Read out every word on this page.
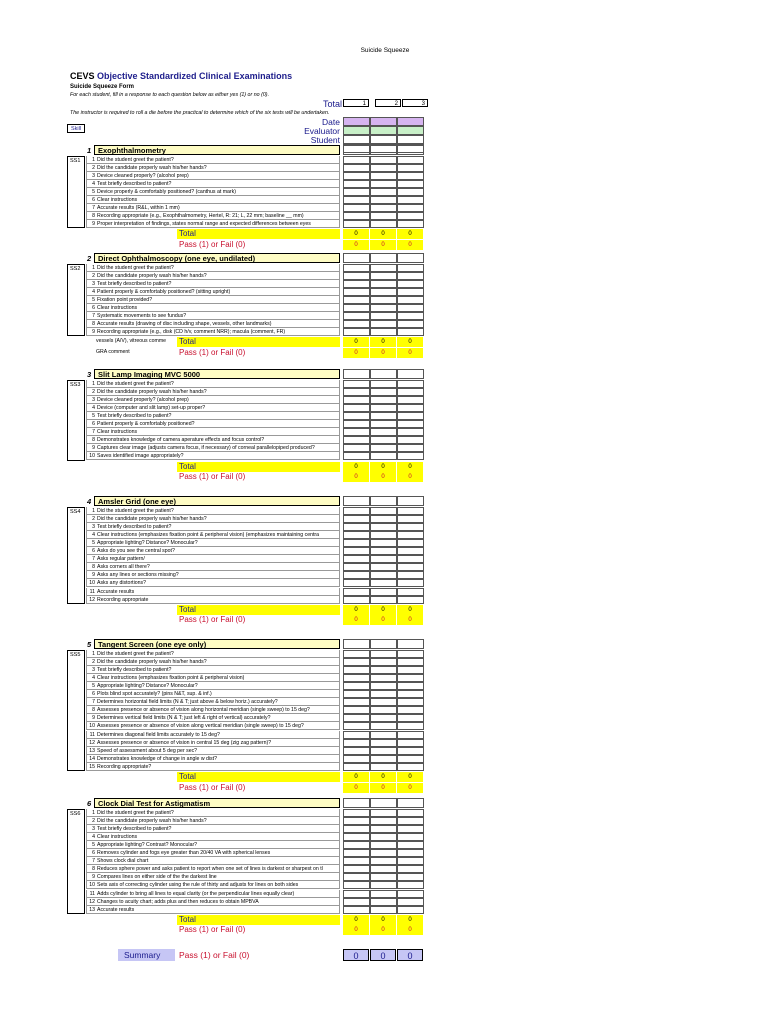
Suicide Squeeze
CEVS Objective Standardized Clinical Examinations
Suicide Squeeze Form
For each student, fill in a response to each question below as either yes (1) or no (0).
The instructor is required to roll a die before the practical to determine which of the six tests will be undertaken.
Total	1	2	3
Date
Evaluator
Student
Skill
1 Exophthalmometry
SS1	1 Did the student greet the patient?
2 Did the candidate properly wash his/her hands?
3 Device cleaned properly? (alcohol prep)
4 Test briefly described to patient?
5 Device properly & comfortably positioned? (canthus at mark)
6 Clear instructions
7 Accurate results (R&L, within 1 mm)
8 Recording appropriate (e.g., Exophthalmometry, Hertel, R: 21; L, 22 mm; baseline __ mm)
9 Proper interpretation of findings, states normal range and expected differences between eyes
Total	0	0	0
Pass (1) or Fail (0)	0	0	0
2 Direct Ophthalmoscopy (one eye, undilated)
SS2	1 Did the student greet the patient?
2 Did the candidate properly wash his/her hands?
3 Test briefly described to patient?
4 Patient properly & comfortably positioned? (sitting upright)
5 Fixation point provided?
6 Clear instructions
7 Systematic movements to see fundus?
8 Accurate results (drawing of disc including shape, vessels, other landmarks)
9 Recording appropriate (e.g., disk (CD h/v, comment NRR); macula (comment, FR)
vessels (A/V), vitreous comme Total	0	0	0
GRA comment	Pass (1) or Fail (0)	0	0	0
3 Slit Lamp Imaging MVC 5000
SS3	1 Did the student greet the patient?
2 Did the candidate properly wash his/her hands?
3 Device cleaned properly? (alcohol prep)
4 Device (computer and slit lamp) set-up proper?
5 Test briefly described to patient?
6 Patient properly & comfortably positioned?
7 Clear instructions
8 Demonstrates knowledge of camera aperature effects and focus control?
9 Captures clear image (adjusts camera focus, if necessary) of corneal parallelopiped produced?
10 Saves identified image appropriately?
Total	0	0	0
Pass (1) or Fail (0)	0	0	0
4 Amsler Grid (one eye)
SS4	1 Did the student greet the patient?
2 Did the candidate properly wash his/her hands?
3 Test briefly described to patient?
4 Clear instructions (emphasizes fixation point & peripheral vision) (emphasizes maintaining centra
5 Appropriate lighting? Distance? Monocular?
6 Asks do you see the central spot?
7 Asks regular pattern/
8 Asks corners all there?
9 Asks any lines or sections missing?
10 Asks any distortions?
11 Accurate results
12 Recording appropriate
Total	0	0	0
Pass (1) or Fail (0)	0	0	0
5 Tangent Screen (one eye only)
SS5	1 Did the student greet the patient?
2 Did the candidate properly wash his/her hands?
3 Test briefly described to patient?
4 Clear instructions (emphasizes fixation point & peripheral vision)
5 Appropriate lighting? Distance? Monocular?
6 Plots blind spot accurately? (pins N&T, sup. & inf.)
7 Determines horizontal field limits (N & T; just above & below horiz.) accurately?
8 Assesses presence or absence of vision along horizontal meridian (single sweep) to 15 deg?
9 Determines vertical field limits (N & T; just left & right of vertical) accurately?
10 Assesses presence or absence of vision along vertical meridian (single sweep) to 15 deg?
11 Determines diagonal field limits accurately to 15 deg?
12 Assesses presence or absence of vision in central 15 deg (zig zag pattern)?
13 Speed of assessment about 5 deg per sec?
14 Demonstrates knowledge of change in angle w dist?
15 Recording appropriate?
Total	0	0	0
Pass (1) or Fail (0)	0	0	0
6 Clock Dial Test for Astigmatism
SS6	1 Did the student greet the patient?
2 Did the candidate properly wash his/her hands?
3 Test briefly described to patient?
4 Clear instructions
5 Appropriate lighting? Contrast? Monocular?
6 Removes cylinder and fogs eye greater than 20/40 VA with spherical lenses
7 Shows clock dial chart
8 Reduces sphere power and asks patient to report when one set of lines is darkest or sharpest on tl
9 Compares lines on either side of the the darkest line
10 Sets axis of correcting cylinder using the rule of thirty and adjusts for lines on both sides
11 Adds cylinder to bring all lines to equal clarity (or the perpendicular lines equally clear)
12 Changes to acuity chart; adds plus and then reduces to obtain MPBVA
13 Accurate results
Total	0	0	0
Pass (1) or Fail (0)	0	0	0
Summary	Pass (1) or Fail (0)	0	0	0
